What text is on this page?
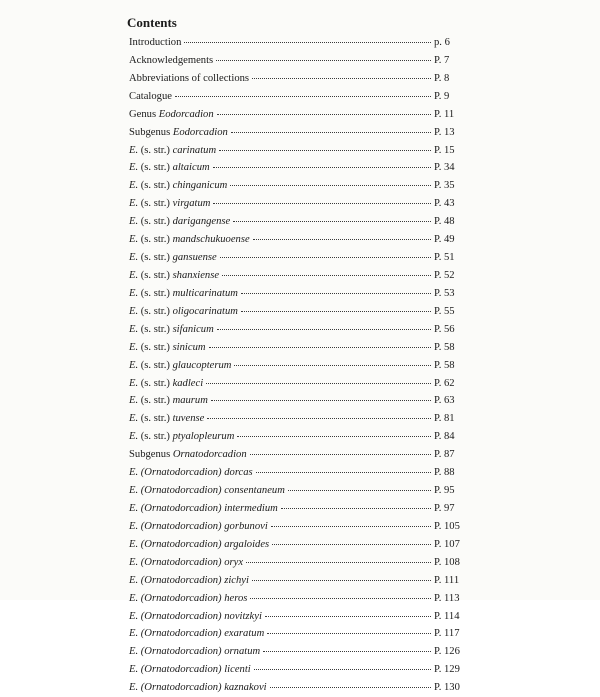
Contents
Introduction	p. 6
Acknowledgements	P. 7
Abbreviations of collections	P. 8
Catalogue	P. 9
Genus Eodorcadion	P. 11
Subgenus Eodorcadion	P. 13
E. (s. str.) carinatum	P. 15
E. (s. str.) altaicum	P. 34
E. (s. str.) chinganicum	P. 35
E. (s. str.) virgatum	P. 43
E. (s. str.) darigangense	P. 48
E. (s. str.) mandschukuoense	P. 49
E. (s. str.) gansuense	P. 51
E. (s. str.) shanxiense	P. 52
E. (s. str.) multicarinatum	P. 53
E. (s. str.) oligocarinatum	P. 55
E. (s. str.) sifanicum	P. 56
E. (s. str.) sinicum	P. 58
E. (s. str.) glaucopterum	P. 58
E. (s. str.) kadleci	P. 62
E. (s. str.) maurum	P. 63
E. (s. str.) tuvense	P. 81
E. (s. str.) ptyalopleurum	P. 84
Subgenus Ornatodorcadion	P. 87
E. (Ornatodorcadion) dorcas	P. 88
E. (Ornatodorcadion) consentaneum	P. 95
E. (Ornatodorcadion) intermedium	P. 97
E. (Ornatodorcadion) gorbunovi	P. 105
E. (Ornatodorcadion) argaloides	P. 107
E. (Ornatodorcadion) oryx	P. 108
E. (Ornatodorcadion) zichyi	P. 111
E. (Ornatodorcadion) heros	P. 113
E. (Ornatodorcadion) novitzkyi	P. 114
E. (Ornatodorcadion) exaratum	P. 117
E. (Ornatodorcadion) ornatum	P. 126
E. (Ornatodorcadion) licenti	P. 129
E. (Ornatodorcadion) kaznakovi	P. 130
